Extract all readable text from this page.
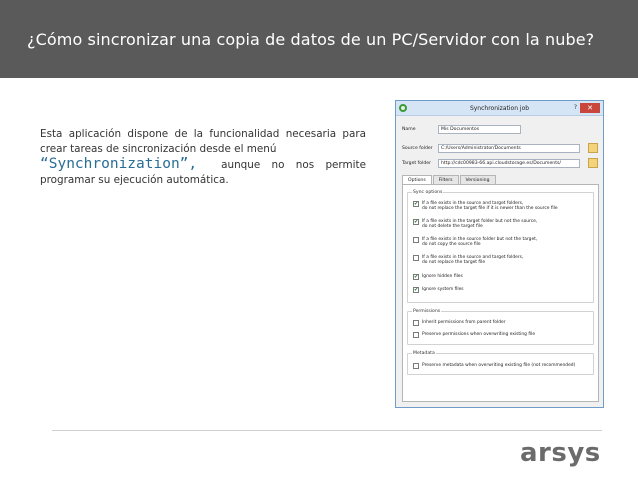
¿Cómo sincronizar una copia de datos de un PC/Servidor con la nube?

Esta aplicación dispone de la funcionalidad necesaria para crear tareas de sincronización desde el menú

“Synchronization”, aunque no nos permite

programar su ejecución automática.

Synchronization job	?	✕
Name	Mis Documentos
Source folder	C:/Users/Administrator/Documents
Target folder	http://cdc00983-66.api.cloudstorage.es/Documents/
Options	Filters	Versioning
Sync options
✔ If a file exists in the source and target folders,
do not replace the target file if it is newer than the source file
✔ If a file exists in the target folder but not the source,
do not delete the target file
If a file exists in the source folder but not the target,
do not copy the source file
If a file exists in the source and target folders,
do not replace the target file
✔ Ignore hidden files
✔ Ignore system files
Permissions
Inherit permissions from parent folder
Preserve permissions when overwriting existing file
Metadata
Preserve metadata when overwriting existing file (not recommended)
arsys
